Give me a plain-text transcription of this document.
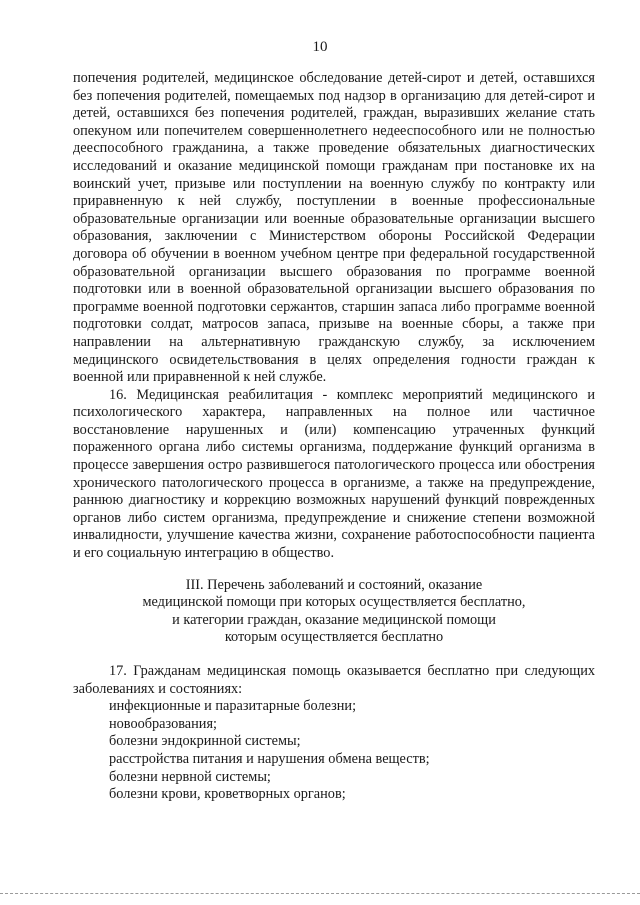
10

попечения родителей, медицинское обследование детей-сирот и детей, оставшихся без попечения родителей, помещаемых под надзор в организацию для детей-сирот и детей, оставшихся без попечения родителей, граждан, выразивших желание стать опекуном или попечителем совершеннолетнего недееспособного или не полностью дееспособного гражданина, а также проведение обязательных диагностических исследований и оказание медицинской помощи гражданам при постановке их на воинский учет, призыве или поступлении на военную службу по контракту или приравненную к ней службу, поступлении в военные профессиональные образовательные организации или военные образовательные организации высшего образования, заключении с Министерством обороны Российской Федерации договора об обучении в военном учебном центре при федеральной государственной образовательной организации высшего образования по программе военной подготовки или в военной образовательной организации высшего образования по программе военной подготовки сержантов, старшин запаса либо программе военной подготовки солдат, матросов запаса, призыве на военные сборы, а также при направлении на альтернативную гражданскую службу, за исключением медицинского освидетельствования в целях определения годности граждан к военной или приравненной к ней службе.

16. Медицинская реабилитация - комплекс мероприятий медицинского и психологического характера, направленных на полное или частичное восстановление нарушенных и (или) компенсацию утраченных функций пораженного органа либо системы организма, поддержание функций организма в процессе завершения остро развившегося патологического процесса или обострения хронического патологического процесса в организме, а также на предупреждение, раннюю диагностику и коррекцию возможных нарушений функций поврежденных органов либо систем организма, предупреждение и снижение степени возможной инвалидности, улучшение качества жизни, сохранение работоспособности пациента и его социальную интеграцию в общество.

III. Перечень заболеваний и состояний, оказание
медицинской помощи при которых осуществляется бесплатно,
и категории граждан, оказание медицинской помощи
которым осуществляется бесплатно

17. Гражданам медицинская помощь оказывается бесплатно при следующих заболеваниях и состояниях:

инфекционные и паразитарные болезни;

новообразования;

болезни эндокринной системы;

расстройства питания и нарушения обмена веществ;

болезни нервной системы;

болезни крови, кроветворных органов;
